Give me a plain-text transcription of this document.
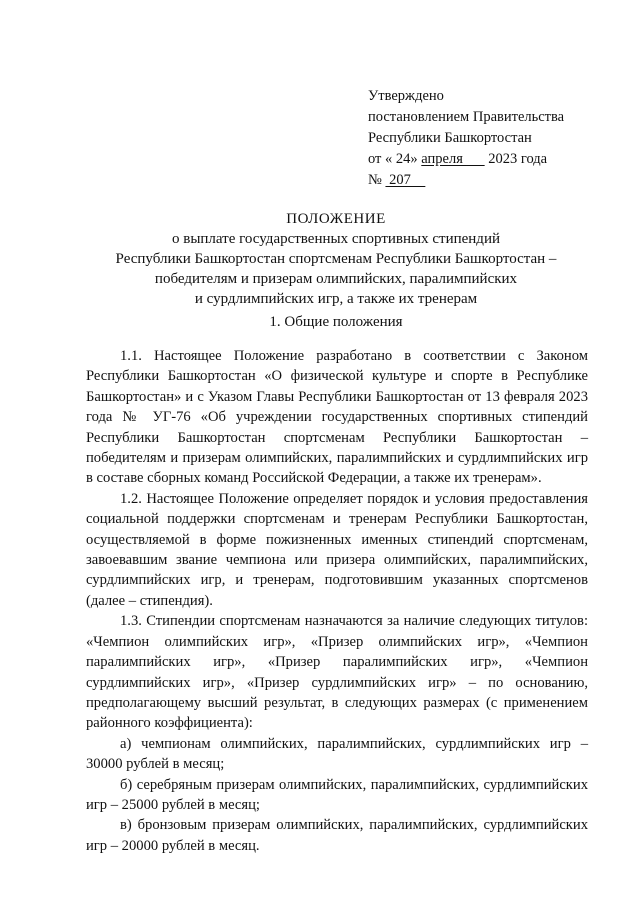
Утверждено
постановлением Правительства
Республики Башкортостан
от « 24» апреля       2023 года
№  207
ПОЛОЖЕНИЕ
о выплате государственных спортивных стипендий
Республики Башкортостан спортсменам Республики Башкортостан –
победителям и призерам олимпийских, паралимпийских
и сурдлимпийских игр, а также их тренерам
1. Общие положения

1.1. Настоящее Положение разработано в соответствии с Законом Республики Башкортостан «О физической культуре и спорте в Республике Башкортостан» и с Указом Главы Республики Башкортостан от 13 февраля 2023 года № УГ-76 «Об учреждении государственных спортивных стипендий Республики Башкортостан спортсменам Республики Башкортостан – победителям и призерам олимпийских, паралимпийских и сурдлимпийских игр в составе сборных команд Российской Федерации, а также их тренерам».

1.2. Настоящее Положение определяет порядок и условия предоставления социальной поддержки спортсменам и тренерам Республики Башкортостан, осуществляемой в форме пожизненных именных стипендий спортсменам, завоевавшим звание чемпиона или призера олимпийских, паралимпийских, сурдлимпийских игр, и тренерам, подготовившим указанных спортсменов (далее – стипендия).

1.3. Стипендии спортсменам назначаются за наличие следующих титулов: «Чемпион олимпийских игр», «Призер олимпийских игр», «Чемпион паралимпийских игр», «Призер паралимпийских игр», «Чемпион сурдлимпийских игр», «Призер сурдлимпийских игр» – по основанию, предполагающему высший результат, в следующих размерах (с применением районного коэффициента):

а) чемпионам олимпийских, паралимпийских, сурдлимпийских игр – 30000 рублей в месяц;

б) серебряным призерам олимпийских, паралимпийских, сурдлимпийских игр – 25000 рублей в месяц;

в) бронзовым призерам олимпийских, паралимпийских, сурдлимпийских игр – 20000 рублей в месяц.
